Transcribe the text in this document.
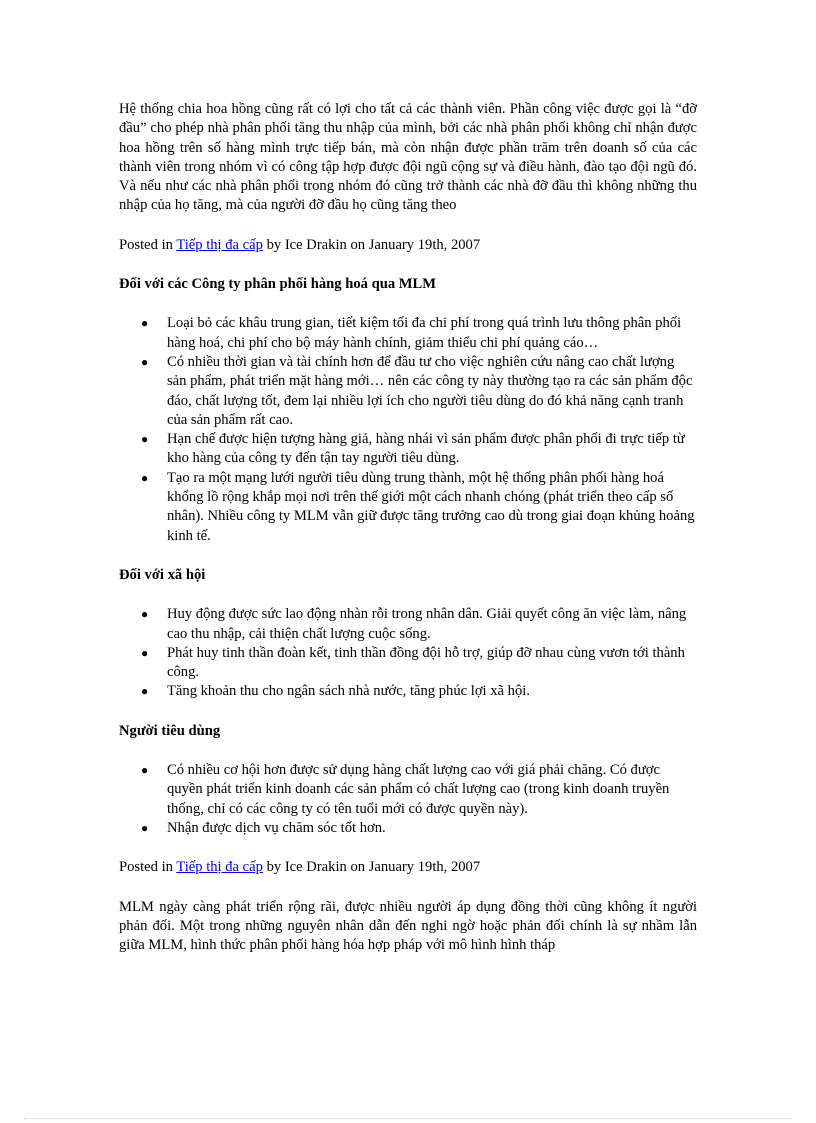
Hệ thống chia hoa hồng cũng rất có lợi cho tất cả các thành viên. Phần công việc được gọi là “đỡ đầu” cho phép nhà phân phối tăng thu nhập của mình, bởi các nhà phân phối không chỉ nhận được hoa hồng trên số hàng mình trực tiếp bán, mà còn nhận được phần trăm trên doanh số của các thành viên trong nhóm vì có công tập hợp được đội ngũ cộng sự và điều hành, đào tạo đội ngũ đó. Và nếu như các nhà phân phối trong nhóm đó cũng trở thành các nhà đỡ đầu thì không những thu nhập của họ tăng, mà của người đỡ đầu họ cũng tăng theo

Posted in Tiếp thị đa cấp by Ice Drakin on January 19th, 2007

Đối với các Công ty phân phối hàng hoá qua MLM
● Loại bỏ các khâu trung gian, tiết kiệm tối đa chi phí trong quá trình lưu thông phân phối hàng hoá, chi phí cho bộ máy hành chính, giảm thiểu chi phí quảng cáo…
● Có nhiều thời gian và tài chính hơn để đầu tư cho việc nghiên cứu nâng cao chất lượng sản phẩm, phát triển mặt hàng mới… nên các công ty này thường tạo ra các sản phẩm độc đáo, chất lượng tốt, đem lại nhiều lợi ích cho người tiêu dùng do đó khả năng cạnh tranh của sản phẩm rất cao.
● Hạn chế được hiện tượng hàng giả, hàng nhái vì sản phẩm được phân phối đi trực tiếp từ kho hàng của công ty đến tận tay người tiêu dùng.
● Tạo ra một mạng lưới người tiêu dùng trung thành, một hệ thống phân phối hàng hoá khổng lồ rộng khắp mọi nơi trên thế giới một cách nhanh chóng (phát triển theo cấp số nhân). Nhiều công ty MLM vẫn giữ được tăng trưởng cao dù trong giai đoạn khủng hoảng kinh tế.
Đối với xã hội
● Huy động được sức lao động nhàn rỗi trong nhân dân. Giải quyết công ăn việc làm, nâng cao thu nhập, cải thiện chất lượng cuộc sống.
● Phát huy tinh thần đoàn kết, tinh thần đồng đội hỗ trợ, giúp đỡ nhau cùng vươn tới thành công.
● Tăng khoản thu cho ngân sách nhà nước, tăng phúc lợi xã hội.
Người tiêu dùng
● Có nhiều cơ hội hơn được sử dụng hàng chất lượng cao với giá phải chăng. Có được quyền phát triển kinh doanh các sản phẩm có chất lượng cao (trong kinh doanh truyền thống, chỉ có các công ty có tên tuổi mới có được quyền này).
● Nhận được dịch vụ chăm sóc tốt hơn.

Posted in Tiếp thị đa cấp by Ice Drakin on January 19th, 2007

MLM ngày càng phát triển rộng rãi, được nhiều người áp dụng đồng thời cũng không ít người phản đối. Một trong những nguyên nhân dẫn đến nghi ngờ hoặc phản đối chính là sự nhầm lẫn giữa MLM, hình thức phân phối hàng hóa hợp pháp với mô hình hình tháp
